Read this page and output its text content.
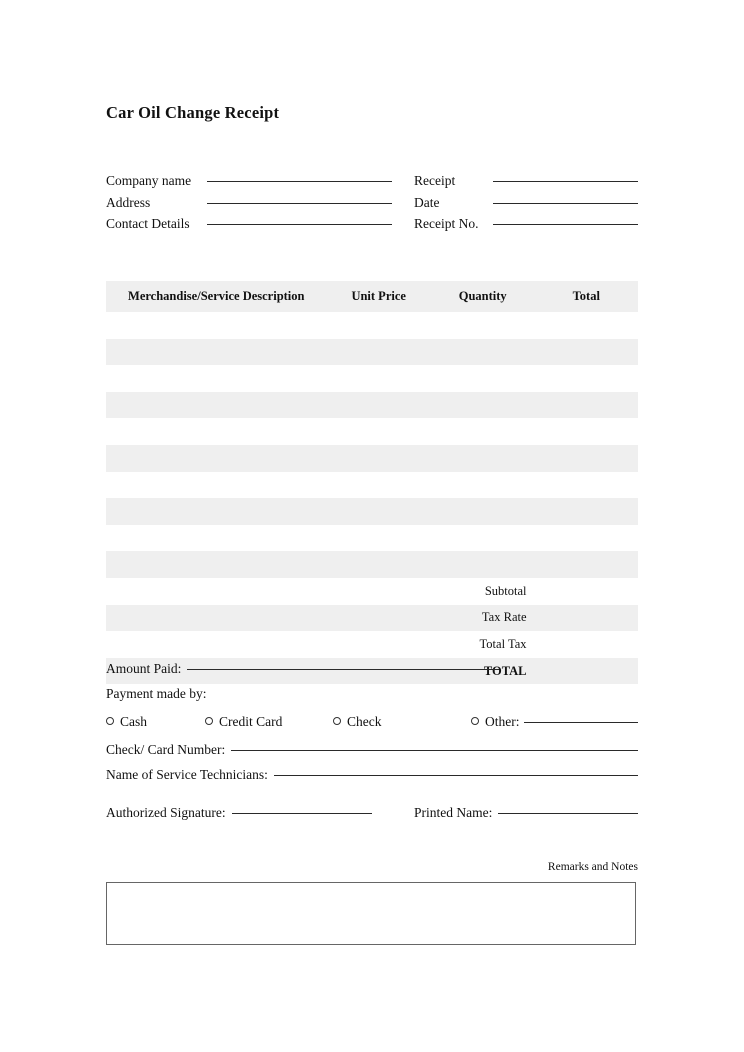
Car Oil Change Receipt
Company name	Receipt
Address	Date
Contact Details	Receipt No.
Merchandise/Service Description	Unit Price	Quantity	Total

		Subtotal	
		Tax Rate	
		Total Tax	
		TOTAL	
Amount Paid:
Payment made by:
Cash	Credit Card	Check	Other:
Check/ Card Number:
Name of Service Technicians:
Authorized Signature:	Printed Name:
Remarks and Notes
